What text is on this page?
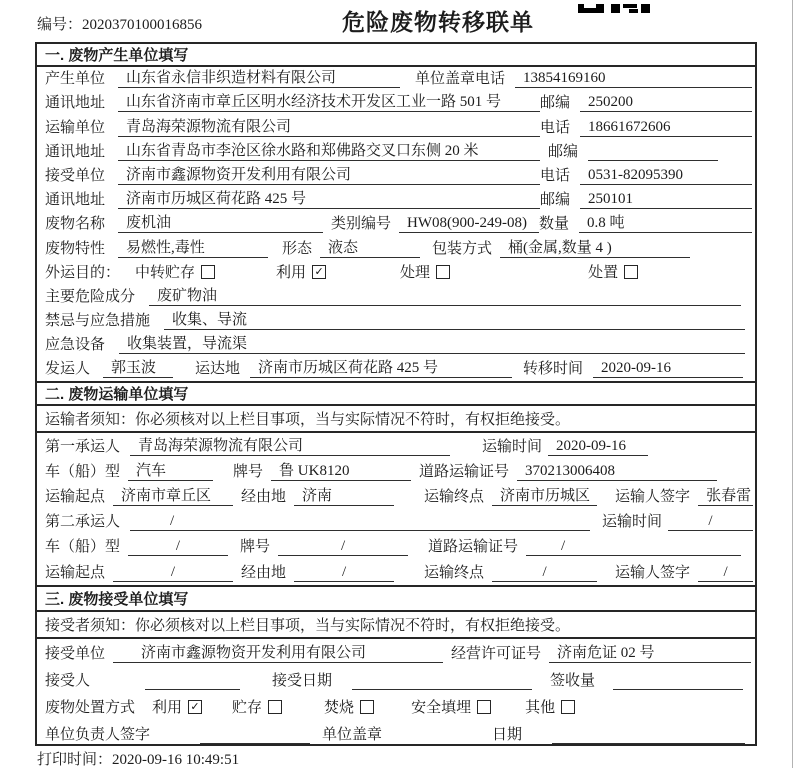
编号：2020370100016856	危险废物转移联单
一. 废物产生单位填写
产生单位	山东省永信非织造材料有限公司	单位盖章 电话	13854169160
通讯地址	山东省济南市章丘区明水经济技术开发区工业一路 501 号	邮编	250200
运输单位	青岛海荣源物流有限公司	电话	18661672606
通讯地址	山东省青岛市李沧区徐水路和郑佛路交叉口东侧 20 米	邮编
接受单位	济南市鑫源物资开发利用有限公司	电话	0531-82095390
通讯地址	济南市历城区荷花路 425 号	邮编	250101
废物名称	废机油	类别编号	HW08(900-249-08) 数量	0.8 吨
废物特性	易燃性,毒性	形态	液态	包装方式	桶(金属,数量 4 )
外运目的： 中转贮存	利用 ✓	处理	处置
主要危险成分	废矿物油
禁忌与应急措施	收集、导流
应急设备	收集装置，导流渠
发运人	郭玉波	运达地	济南市历城区荷花路 425 号	转移时间	2020-09-16
二. 废物运输单位填写
运输者须知：你必须核对以上栏目事项，当与实际情况不符时，有权拒绝接受。
第一承运人	青岛海荣源物流有限公司	运输时间 2020-09-16
车（船）型	汽车	牌号	鲁 UK8120	道路运输证号	370213006408
运输起点	济南市章丘区	经由地	济南	运输终点	济南市历城区	运输人签字	张春雷
第二承运人	/	运输时间	/
车（船）型	/	牌号	/	道路运输证号	/
运输起点	/	经由地	/	运输终点	/	运输人签字	/
三. 废物接受单位填写
接受者须知：你必须核对以上栏目事项，当与实际情况不符时，有权拒绝接受。
接受单位	济南市鑫源物资开发利用有限公司	经营许可证号	济南危证 02 号
接受人	接受日期	签收量
废物处置方式 利用 ✓ 贮存	焚烧	安全填埋	其他
单位负责人签字	单位盖章	日期
打印时间：2020-09-16 10:49:51
